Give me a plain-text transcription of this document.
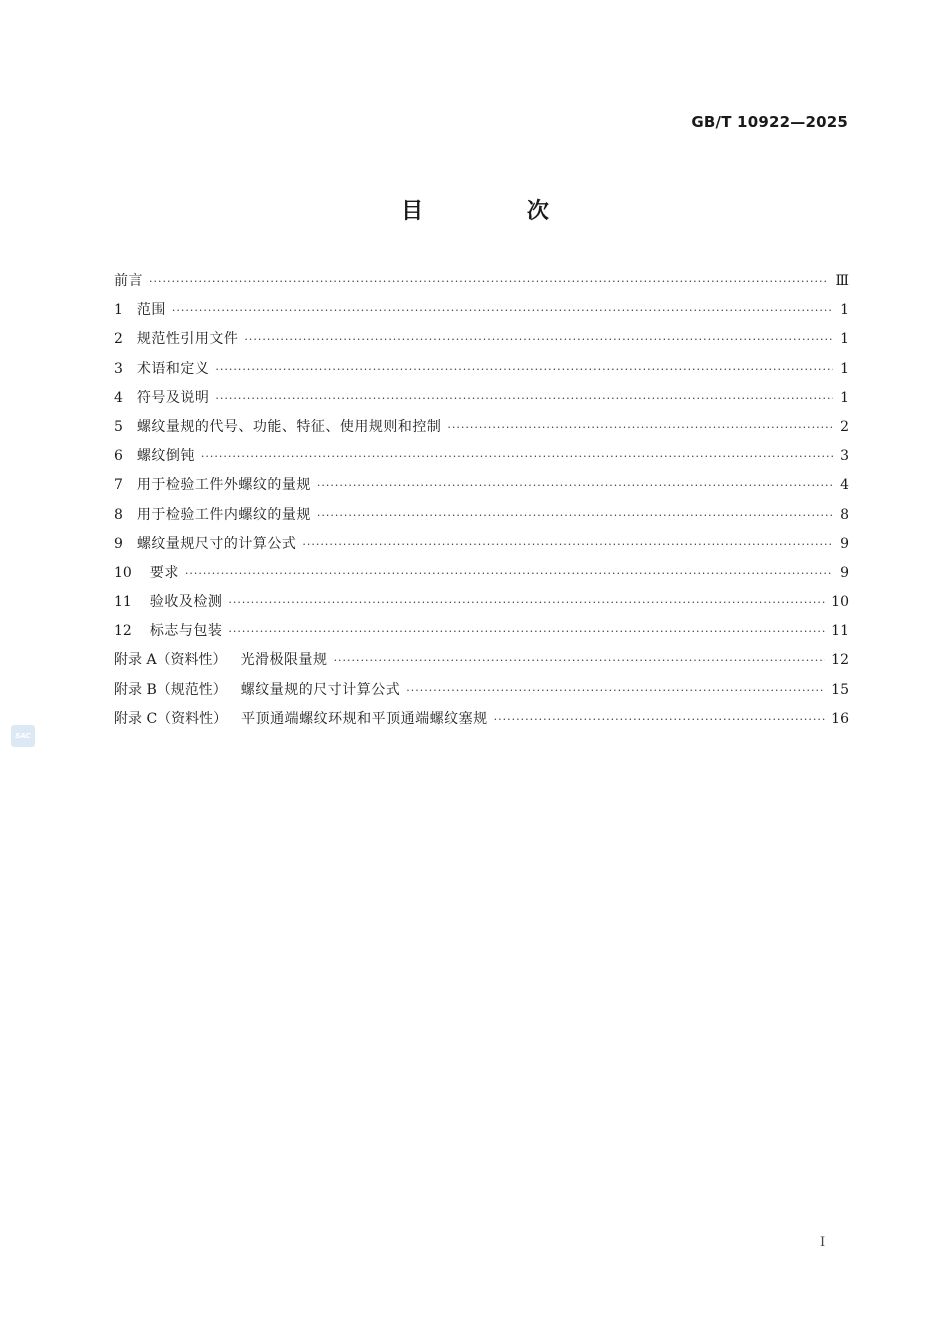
GB/T 10922—2025
目 次
前言 ·····	Ⅲ
1 范围 ·····	1
2 规范性引用文件 ·····	1
3 术语和定义 ·····	1
4 符号及说明 ·····	1
5 螺纹量规的代号、功能、特征、使用规则和控制 ·····	2
6 螺纹倒钝 ·····	3
7 用于检验工件外螺纹的量规 ·····	4
8 用于检验工件内螺纹的量规 ·····	8
9 螺纹量规尺寸的计算公式 ·····	9
10 要求 ·····	9
11 验收及检测 ·····	10
12 标志与包装 ·····	11
附录 A（资料性） 光滑极限量规 ·····	12
附录 B（规范性） 螺纹量规的尺寸计算公式 ·····	15
附录 C（资料性） 平顶通端螺纹环规和平顶通端螺纹塞规 ·····	16
SAC
I
